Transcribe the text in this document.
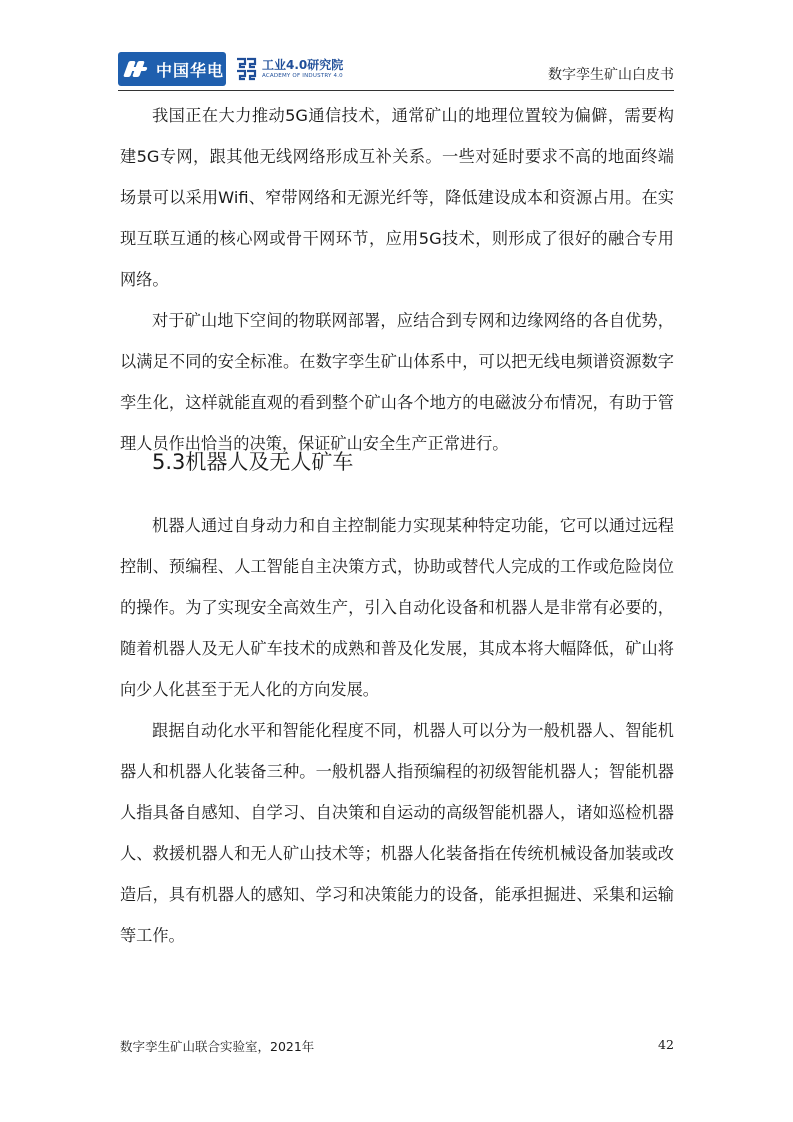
中国华电	工业4.0研究院
ACADEMY OF INDUSTRY 4.0	数字孪生矿山白皮书

我国正在大力推动5G通信技术，通常矿山的地理位置较为偏僻，需要构建5G专网，跟其他无线网络形成互补关系。一些对延时要求不高的地面终端场景可以采用Wifi、窄带网络和无源光纤等，降低建设成本和资源占用。在实现互联互通的核心网或骨干网环节，应用5G技术，则形成了很好的融合专用网络。

对于矿山地下空间的物联网部署，应结合到专网和边缘网络的各自优势，以满足不同的安全标准。在数字孪生矿山体系中，可以把无线电频谱资源数字孪生化，这样就能直观的看到整个矿山各个地方的电磁波分布情况，有助于管理人员作出恰当的决策，保证矿山安全生产正常进行。

5.3机器人及无人矿车

机器人通过自身动力和自主控制能力实现某种特定功能，它可以通过远程控制、预编程、人工智能自主决策方式，协助或替代人完成的工作或危险岗位的操作。为了实现安全高效生产，引入自动化设备和机器人是非常有必要的，随着机器人及无人矿车技术的成熟和普及化发展，其成本将大幅降低，矿山将向少人化甚至于无人化的方向发展。

跟据自动化水平和智能化程度不同，机器人可以分为一般机器人、智能机器人和机器人化装备三种。一般机器人指预编程的初级智能机器人；智能机器人指具备自感知、自学习、自决策和自运动的高级智能机器人，诸如巡检机器人、救援机器人和无人矿山技术等；机器人化装备指在传统机械设备加装或改造后，具有机器人的感知、学习和决策能力的设备，能承担掘进、采集和运输等工作。

数字孪生矿山联合实验室，2021年	42
